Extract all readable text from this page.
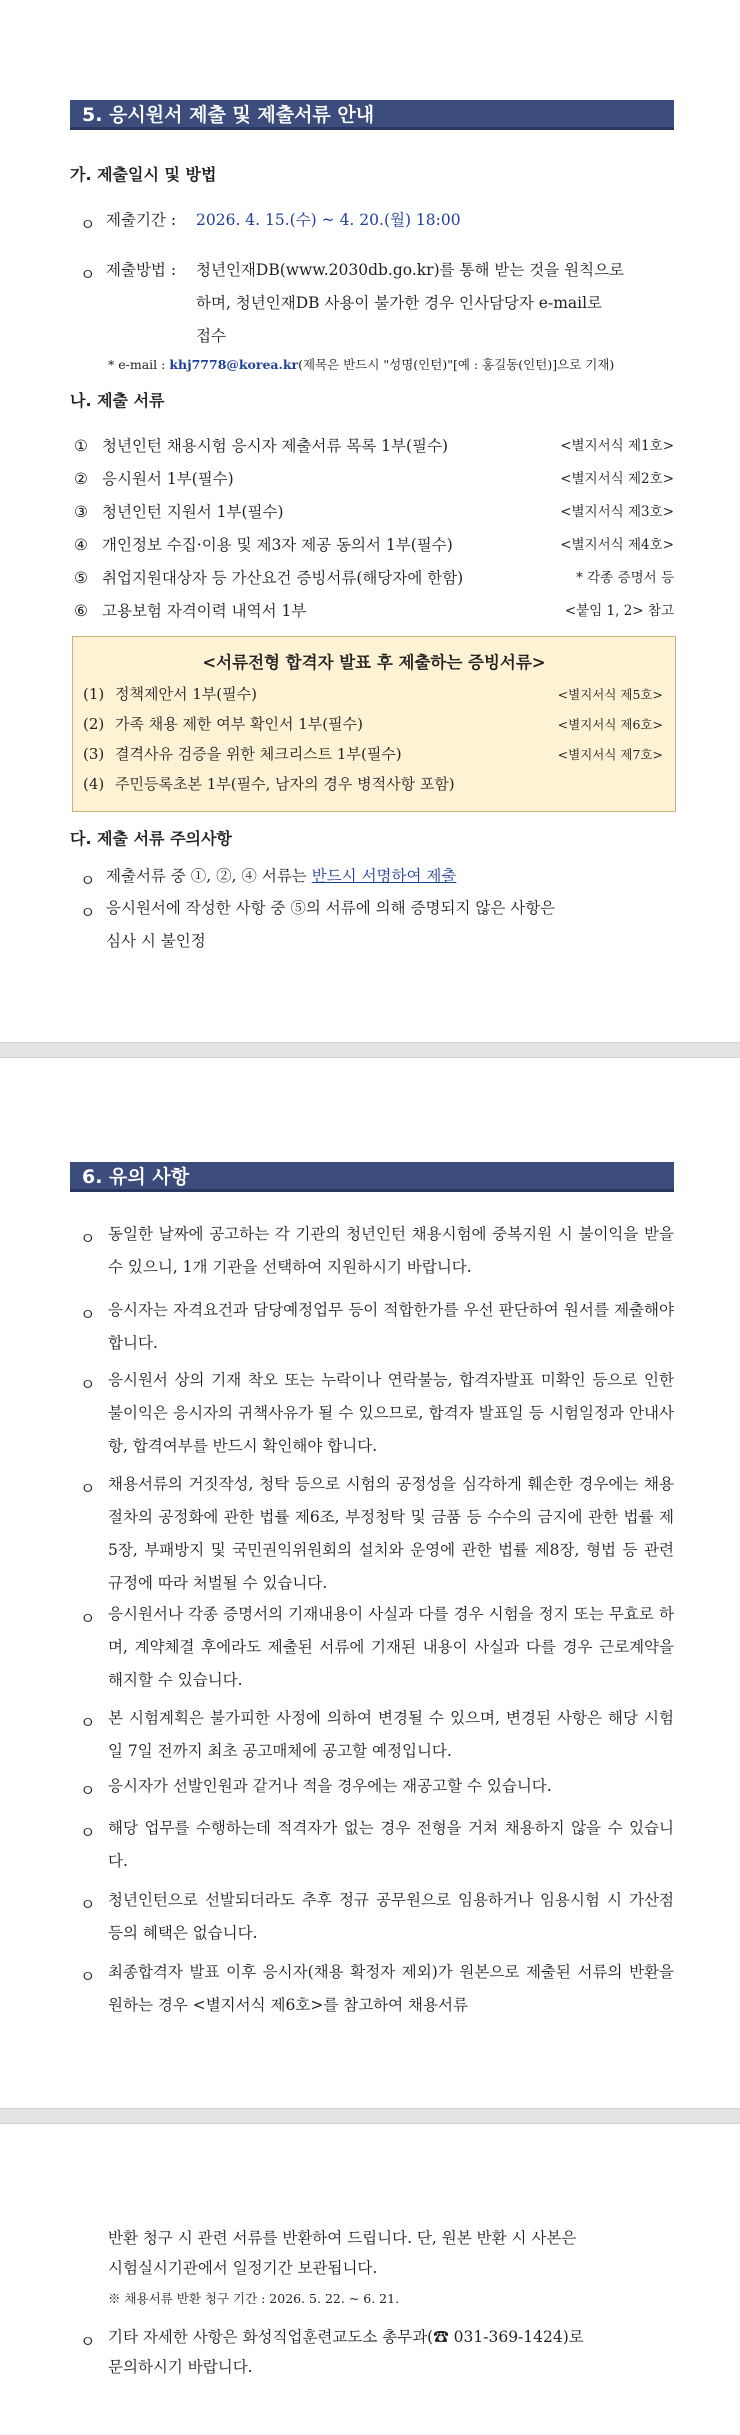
5. 응시원서 제출 및 제출서류 안내
가. 제출일시 및 방법
ㅇ 제출기간 : 2026. 4. 15.(수) ~ 4. 20.(월) 18:00
ㅇ 제출방법 : 청년인재DB(www.2030db.go.kr)를 통해 받는 것을 원칙으로
하며, 청년인재DB 사용이 불가한 경우 인사담당자 e-mail로
접수
* e-mail : khj7778@korea.kr(제목은 반드시 "성명(인턴)"[예 : 홍길동(인턴)]으로 기재)
나. 제출 서류
① 청년인턴 채용시험 응시자 제출서류 목록 1부(필수)	<별지서식 제1호>
② 응시원서 1부(필수)	<별지서식 제2호>
③ 청년인턴 지원서 1부(필수)	<별지서식 제3호>
④ 개인정보 수집·이용 및 제3자 제공 동의서 1부(필수)	<별지서식 제4호>
⑤ 취업지원대상자 등 가산요건 증빙서류(해당자에 한함)	* 각종 증명서 등
⑥ 고용보험 자격이력 내역서 1부	<붙임 1, 2> 참고
<서류전형 합격자 발표 후 제출하는 증빙서류>
(1) 정책제안서 1부(필수)	<별지서식 제5호>
(2) 가족 채용 제한 여부 확인서 1부(필수)	<별지서식 제6호>
(3) 결격사유 검증을 위한 체크리스트 1부(필수)	<별지서식 제7호>
(4) 주민등록초본 1부(필수, 남자의 경우 병적사항 포함)
다. 제출 서류 주의사항
ㅇ 제출서류 중 ①, ②, ④ 서류는 반드시 서명하여 제출
ㅇ 응시원서에 작성한 사항 중 ⑤의 서류에 의해 증명되지 않은 사항은
심사 시 불인정
6. 유의 사항
ㅇ 동일한 날짜에 공고하는 각 기관의 청년인턴 채용시험에 중복지원 시 불이익을 받을 수 있으니, 1개 기관을 선택하여 지원하시기 바랍니다.
ㅇ 응시자는 자격요건과 담당예정업무 등이 적합한가를 우선 판단하여 원서를 제출해야 합니다.
ㅇ 응시원서 상의 기재 착오 또는 누락이나 연락불능, 합격자발표 미확인 등으로 인한 불이익은 응시자의 귀책사유가 될 수 있으므로, 합격자 발표일 등 시험일정과 안내사항, 합격여부를 반드시 확인해야 합니다.
ㅇ 채용서류의 거짓작성, 청탁 등으로 시험의 공정성을 심각하게 훼손한 경우에는 채용절차의 공정화에 관한 법률 제6조, 부정청탁 및 금품 등 수수의 금지에 관한 법률 제5장, 부패방지 및 국민권익위원회의 설치와 운영에 관한 법률 제8장, 형법 등 관련 규정에 따라 처벌될 수 있습니다.
ㅇ 응시원서나 각종 증명서의 기재내용이 사실과 다를 경우 시험을 정지 또는 무효로 하며, 계약체결 후에라도 제출된 서류에 기재된 내용이 사실과 다를 경우 근로계약을 해지할 수 있습니다.
ㅇ 본 시험계획은 불가피한 사정에 의하여 변경될 수 있으며, 변경된 사항은 해당 시험일 7일 전까지 최초 공고매체에 공고할 예정입니다.
ㅇ 응시자가 선발인원과 같거나 적을 경우에는 재공고할 수 있습니다.
ㅇ 해당 업무를 수행하는데 적격자가 없는 경우 전형을 거쳐 채용하지 않을 수 있습니다.
ㅇ 청년인턴으로 선발되더라도 추후 정규 공무원으로 임용하거나 임용시험 시 가산점 등의 혜택은 없습니다.
ㅇ 최종합격자 발표 이후 응시자(채용 확정자 제외)가 원본으로 제출된 서류의 반환을 원하는 경우 <별지서식 제6호>를 참고하여 채용서류
반환 청구 시 관련 서류를 반환하여 드립니다. 단, 원본 반환 시 사본은
시험실시기관에서 일정기간 보관됩니다.
※ 채용서류 반환 청구 기간 : 2026. 5. 22. ~ 6. 21.
ㅇ 기타 자세한 사항은 화성직업훈련교도소 총무과(☎ 031-369-1424)로
문의하시기 바랍니다.
